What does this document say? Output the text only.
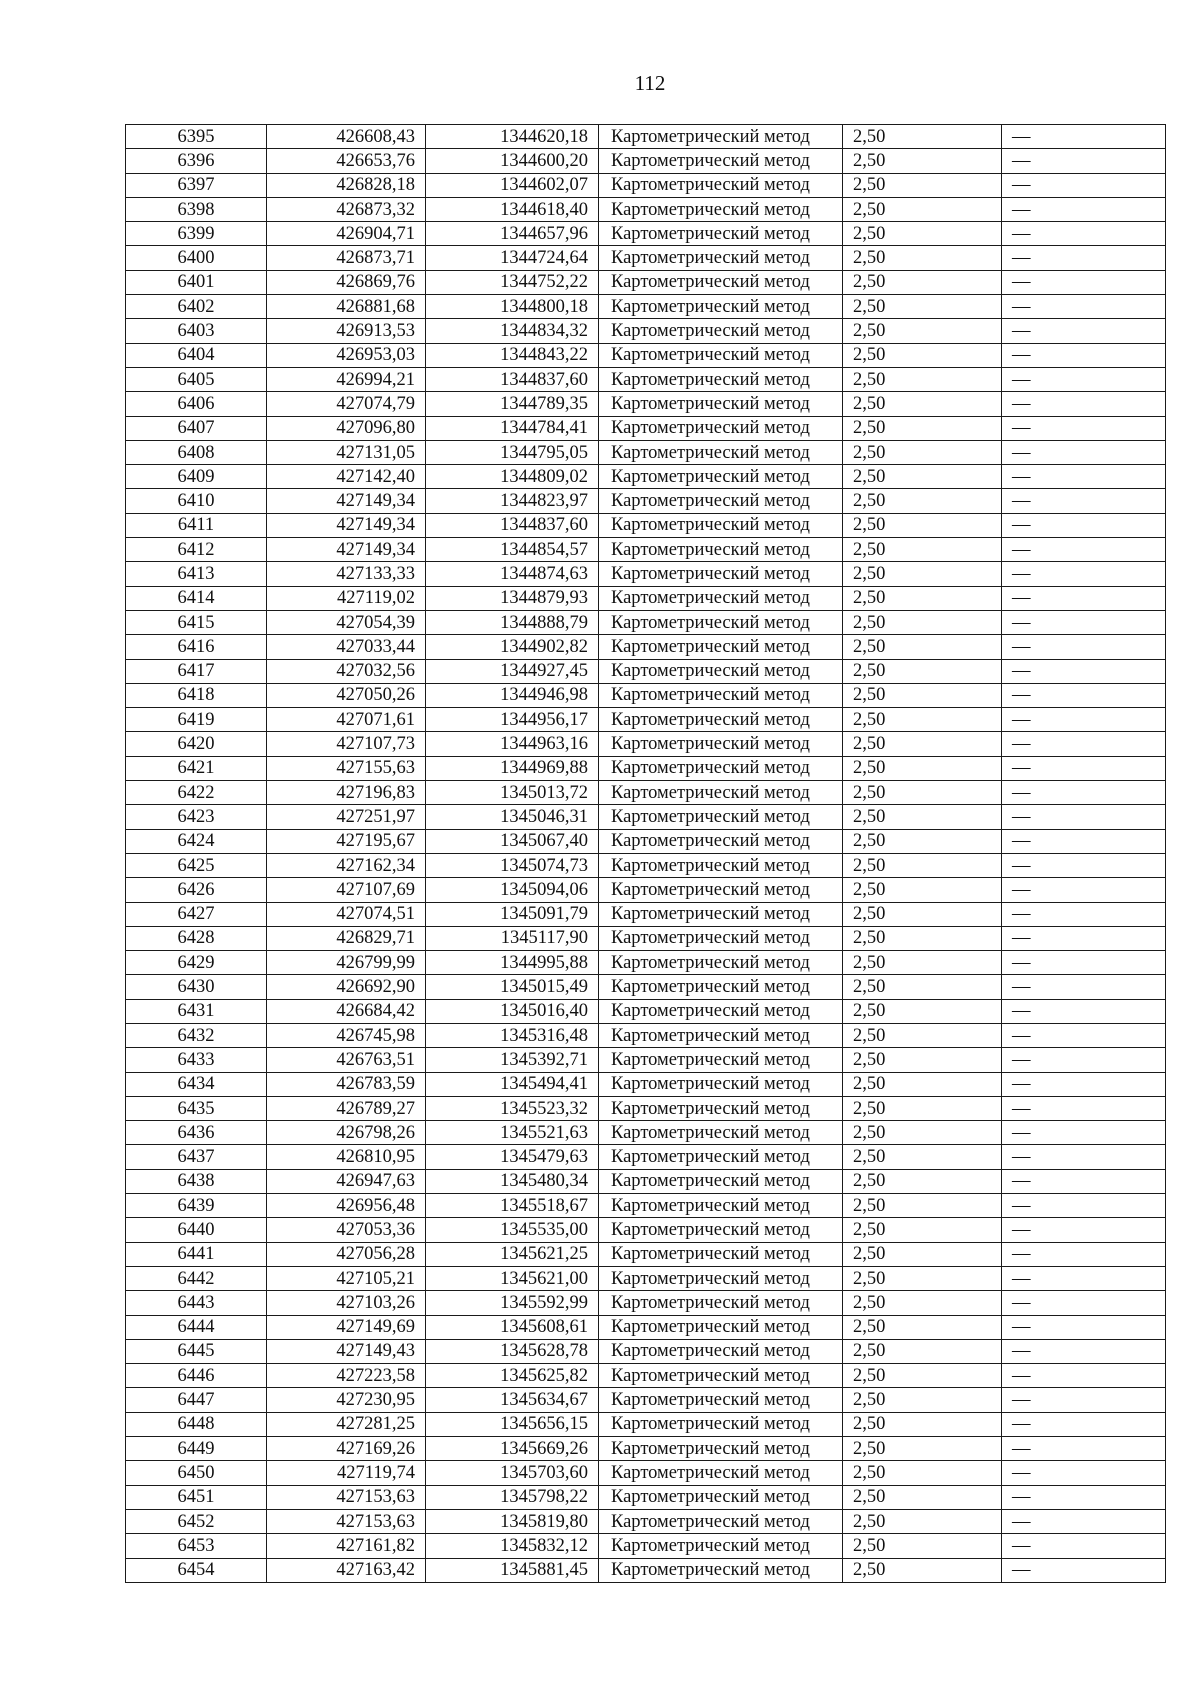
112
6395	426608,43	1344620,18	Картометрический метод	2,50	—
6396	426653,76	1344600,20	Картометрический метод	2,50	—
6397	426828,18	1344602,07	Картометрический метод	2,50	—
6398	426873,32	1344618,40	Картометрический метод	2,50	—
6399	426904,71	1344657,96	Картометрический метод	2,50	—
6400	426873,71	1344724,64	Картометрический метод	2,50	—
6401	426869,76	1344752,22	Картометрический метод	2,50	—
6402	426881,68	1344800,18	Картометрический метод	2,50	—
6403	426913,53	1344834,32	Картометрический метод	2,50	—
6404	426953,03	1344843,22	Картометрический метод	2,50	—
6405	426994,21	1344837,60	Картометрический метод	2,50	—
6406	427074,79	1344789,35	Картометрический метод	2,50	—
6407	427096,80	1344784,41	Картометрический метод	2,50	—
6408	427131,05	1344795,05	Картометрический метод	2,50	—
6409	427142,40	1344809,02	Картометрический метод	2,50	—
6410	427149,34	1344823,97	Картометрический метод	2,50	—
6411	427149,34	1344837,60	Картометрический метод	2,50	—
6412	427149,34	1344854,57	Картометрический метод	2,50	—
6413	427133,33	1344874,63	Картометрический метод	2,50	—
6414	427119,02	1344879,93	Картометрический метод	2,50	—
6415	427054,39	1344888,79	Картометрический метод	2,50	—
6416	427033,44	1344902,82	Картометрический метод	2,50	—
6417	427032,56	1344927,45	Картометрический метод	2,50	—
6418	427050,26	1344946,98	Картометрический метод	2,50	—
6419	427071,61	1344956,17	Картометрический метод	2,50	—
6420	427107,73	1344963,16	Картометрический метод	2,50	—
6421	427155,63	1344969,88	Картометрический метод	2,50	—
6422	427196,83	1345013,72	Картометрический метод	2,50	—
6423	427251,97	1345046,31	Картометрический метод	2,50	—
6424	427195,67	1345067,40	Картометрический метод	2,50	—
6425	427162,34	1345074,73	Картометрический метод	2,50	—
6426	427107,69	1345094,06	Картометрический метод	2,50	—
6427	427074,51	1345091,79	Картометрический метод	2,50	—
6428	426829,71	1345117,90	Картометрический метод	2,50	—
6429	426799,99	1344995,88	Картометрический метод	2,50	—
6430	426692,90	1345015,49	Картометрический метод	2,50	—
6431	426684,42	1345016,40	Картометрический метод	2,50	—
6432	426745,98	1345316,48	Картометрический метод	2,50	—
6433	426763,51	1345392,71	Картометрический метод	2,50	—
6434	426783,59	1345494,41	Картометрический метод	2,50	—
6435	426789,27	1345523,32	Картометрический метод	2,50	—
6436	426798,26	1345521,63	Картометрический метод	2,50	—
6437	426810,95	1345479,63	Картометрический метод	2,50	—
6438	426947,63	1345480,34	Картометрический метод	2,50	—
6439	426956,48	1345518,67	Картометрический метод	2,50	—
6440	427053,36	1345535,00	Картометрический метод	2,50	—
6441	427056,28	1345621,25	Картометрический метод	2,50	—
6442	427105,21	1345621,00	Картометрический метод	2,50	—
6443	427103,26	1345592,99	Картометрический метод	2,50	—
6444	427149,69	1345608,61	Картометрический метод	2,50	—
6445	427149,43	1345628,78	Картометрический метод	2,50	—
6446	427223,58	1345625,82	Картометрический метод	2,50	—
6447	427230,95	1345634,67	Картометрический метод	2,50	—
6448	427281,25	1345656,15	Картометрический метод	2,50	—
6449	427169,26	1345669,26	Картометрический метод	2,50	—
6450	427119,74	1345703,60	Картометрический метод	2,50	—
6451	427153,63	1345798,22	Картометрический метод	2,50	—
6452	427153,63	1345819,80	Картометрический метод	2,50	—
6453	427161,82	1345832,12	Картометрический метод	2,50	—
6454	427163,42	1345881,45	Картометрический метод	2,50	—
